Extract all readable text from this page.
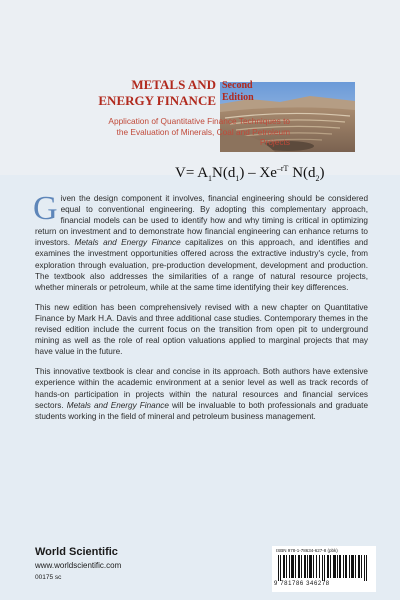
METALS AND
ENERGY FINANCE
Second
Edition
Application of Quantitative Finance Techniques to the Evaluation of Minerals, Coal and Petroleum Projects
$V= A_1N(d_1) - Xe^{-rT}$ $N(d_2)$

Given the design component it involves, financial engineering should be considered equal to conventional engineering. By adopting this complementary approach, financial models can be used to identify how and why timing is critical in optimizing return on investment and to demonstrate how financial engineering can enhance returns to investors. Metals and Energy Finance capitalizes on this approach, and identifies and examines the investment opportunities offered across the extractive industry's cycle, from exploration through evaluation, pre-production development, development and production. The textbook also addresses the similarities of a range of natural resource projects, whether minerals or petroleum, while at the same time identifying their key differences.

This new edition has been comprehensively revised with a new chapter on Quantitative Finance by Mark H.A. Davis and three additional case studies. Contemporary themes in the revised edition include the current focus on the transition from open pit to underground mining as well as the role of real option valuations applied to marginal projects that may have value in the future.

This innovative textbook is clear and concise in its approach. Both authors have extensive experience within the academic environment at a senior level as well as track records of hands-on participation in projects within the natural resources and financial services sectors. Metals and Energy Finance will be invaluable to both professionals and graduate students working in the field of mineral and petroleum business management.

World Scientific
www.worldscientific.com
00175 sc
ISBN 978-1-78634-627-8 (pbk)
9 781786 346278
